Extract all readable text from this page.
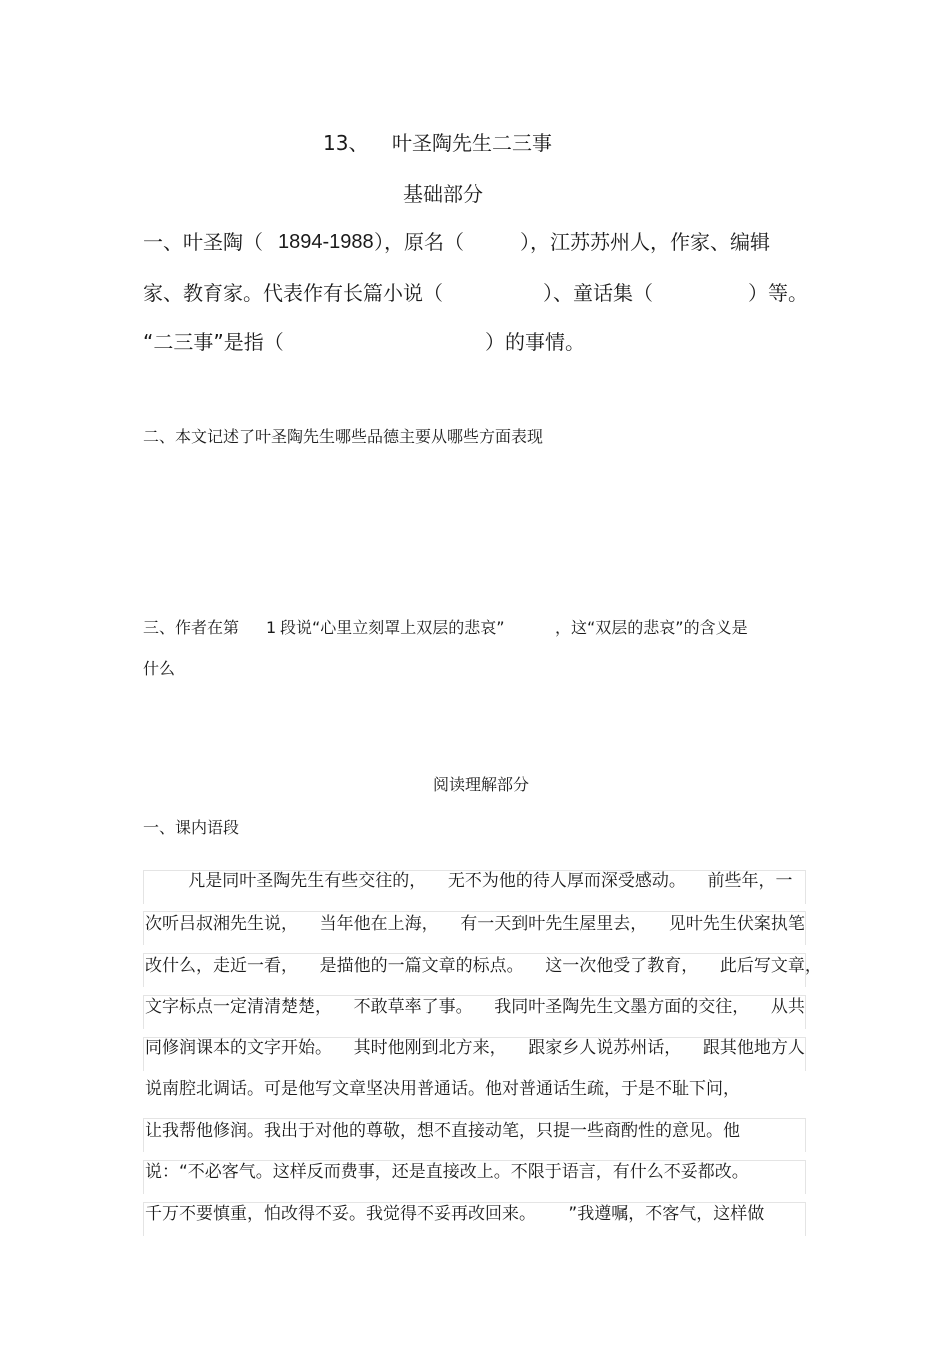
13、 叶圣陶先生二三事
基础部分
一、叶圣陶（ 1894-1988 ），原名（	），江苏苏州人，作家、编辑
家、教育家。代表作有长篇小说（	）、童话集（	）等。
“二三事”是指（	）的事情。
二、本文记述了叶圣陶先生哪些品德主要从哪些方面表现
三、作者在第 1 段说“心里立刻罩上双层的悲哀”	，这“双层的悲哀”的含义是
什么
阅读理解部分
一、课内语段
凡是同叶圣陶先生有些交往的，    无不为他的待人厚而深受感动。    前些年，一
次听吕叔湘先生说，    当年他在上海，    有一天到叶先生屋里去，    见叶先生伏案执笔
改什么，走近一看，    是描他的一篇文章的标点。    这一次他受了教育，    此后写文章，
文字标点一定清清楚楚，    不敢草率了事。    我同叶圣陶先生文墨方面的交往，    从共
同修润课本的文字开始。    其时他刚到北方来，    跟家乡人说苏州话，    跟其他地方人
说南腔北调话。可是他写文章坚决用普通话。他对普通话生疏，于是不耻下问，
让我帮他修润。我出于对他的尊敬，想不直接动笔，只提一些商酌性的意见。他
说：“不必客气。这样反而费事，还是直接改上。不限于语言，有什么不妥都改。
千万不要慎重，怕改得不妥。我觉得不妥再改回来。      ”我遵嘱，不客气，这样做
